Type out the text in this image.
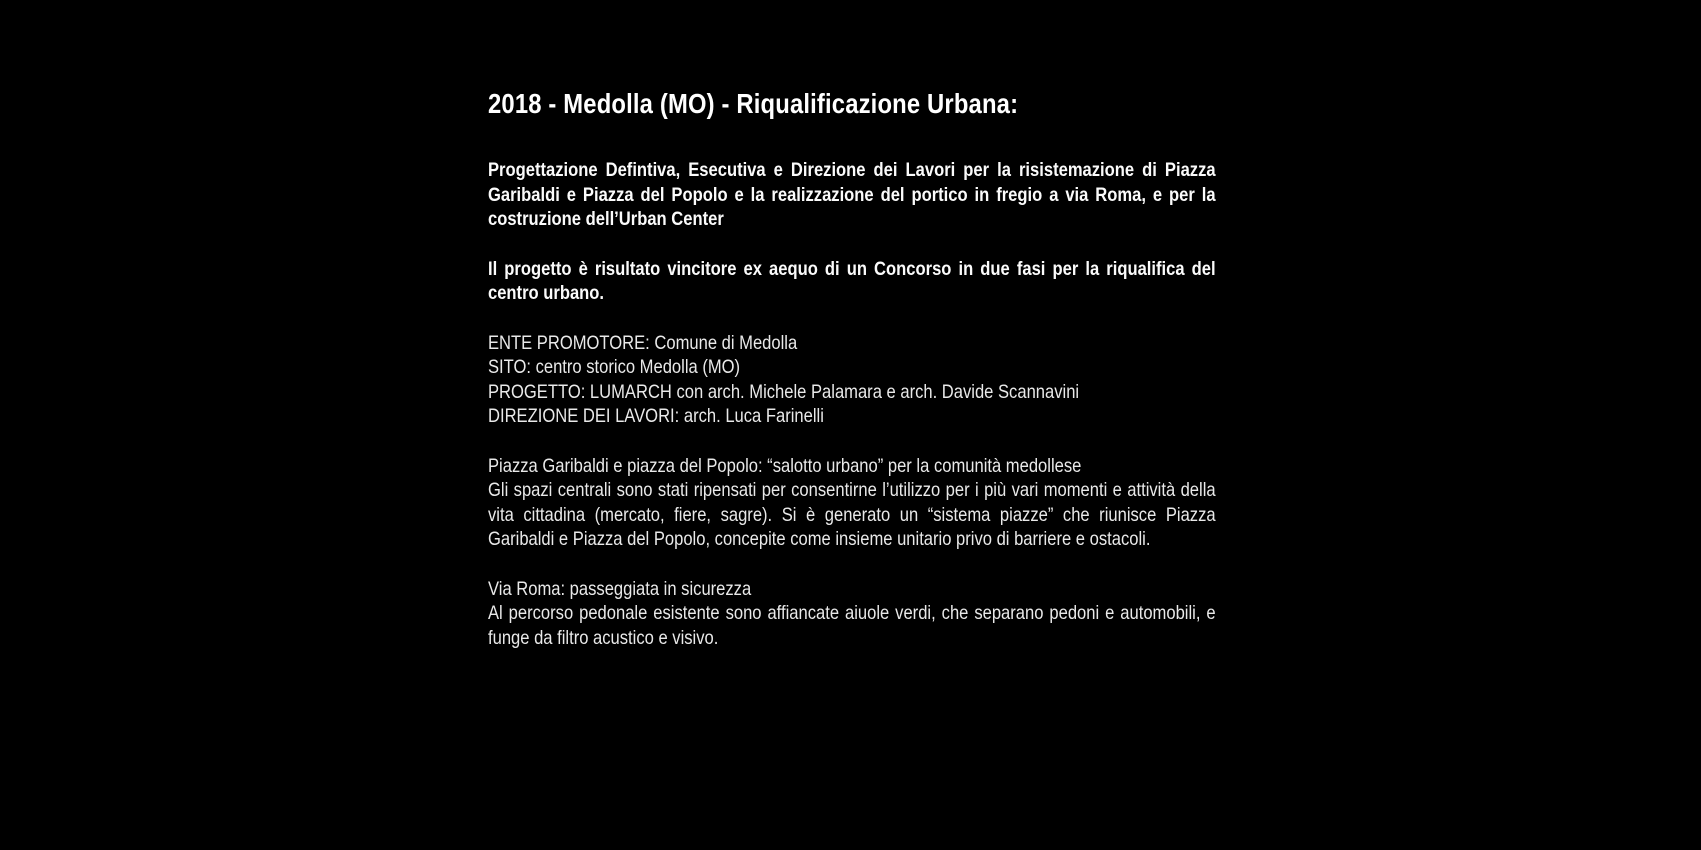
2018 - Medolla (MO) - Riqualificazione Urbana:

Progettazione Defintiva, Esecutiva e Direzione dei Lavori per la risistemazione di Piazza Garibaldi e Piazza del Popolo e la realizzazione del portico in fregio a via Roma, e per la costruzione dell’Urban Center

Il progetto è risultato vincitore ex aequo di un Concorso in due fasi per la riqualifica del centro urbano.

ENTE PROMOTORE: Comune di Medolla
SITO: centro storico Medolla (MO)
PROGETTO: LUMARCH con arch. Michele Palamara e arch. Davide Scannavini
DIREZIONE DEI LAVORI: arch. Luca Farinelli
Piazza Garibaldi e piazza del Popolo: “salotto urbano” per la comunità medollese
Gli spazi centrali sono stati ripensati per consentirne l’utilizzo per i più vari momenti e attività della vita cittadina (mercato, fiere, sagre). Si è generato un “sistema piazze” che riunisce Piazza Garibaldi e Piazza del Popolo, concepite come insieme unitario privo di barriere e ostacoli.
Via Roma: passeggiata in sicurezza
Al percorso pedonale esistente sono affiancate aiuole verdi, che separano pedoni e automobili, e funge da filtro acustico e visivo.
